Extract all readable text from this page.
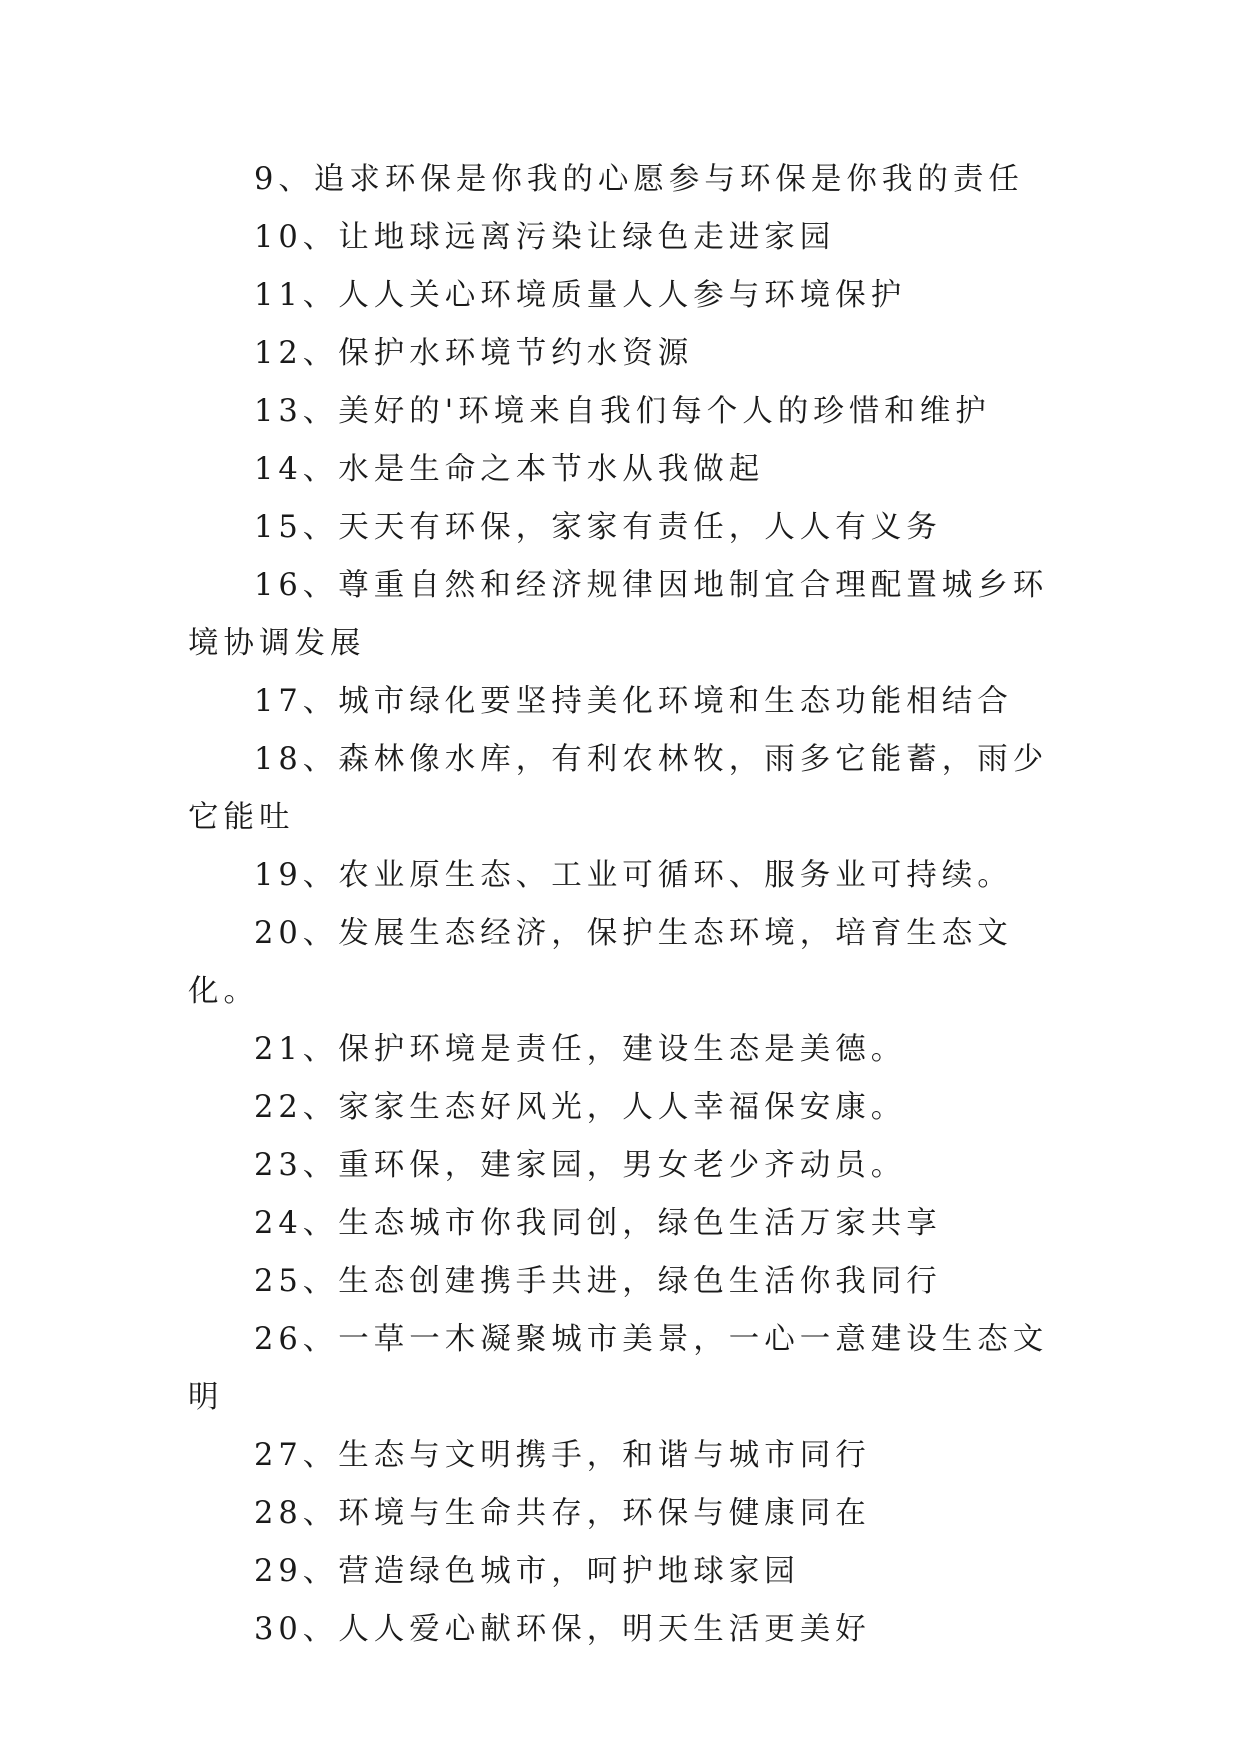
9、追求环保是你我的心愿参与环保是你我的责任

10、让地球远离污染让绿色走进家园

11、人人关心环境质量人人参与环境保护

12、保护水环境节约水资源

13、美好的'环境来自我们每个人的珍惜和维护

14、水是生命之本节水从我做起

15、天天有环保，家家有责任，人人有义务

16、尊重自然和经济规律因地制宜合理配置城乡环境协调发展

17、城市绿化要坚持美化环境和生态功能相结合

18、森林像水库，有利农林牧，雨多它能蓄，雨少它能吐

19、农业原生态、工业可循环、服务业可持续。

20、发展生态经济，保护生态环境，培育生态文化。

21、保护环境是责任，建设生态是美德。

22、家家生态好风光，人人幸福保安康。

23、重环保，建家园，男女老少齐动员。

24、生态城市你我同创，绿色生活万家共享

25、生态创建携手共进，绿色生活你我同行

26、一草一木凝聚城市美景，一心一意建设生态文明

27、生态与文明携手，和谐与城市同行

28、环境与生命共存，环保与健康同在

29、营造绿色城市，呵护地球家园

30、人人爱心献环保，明天生活更美好
